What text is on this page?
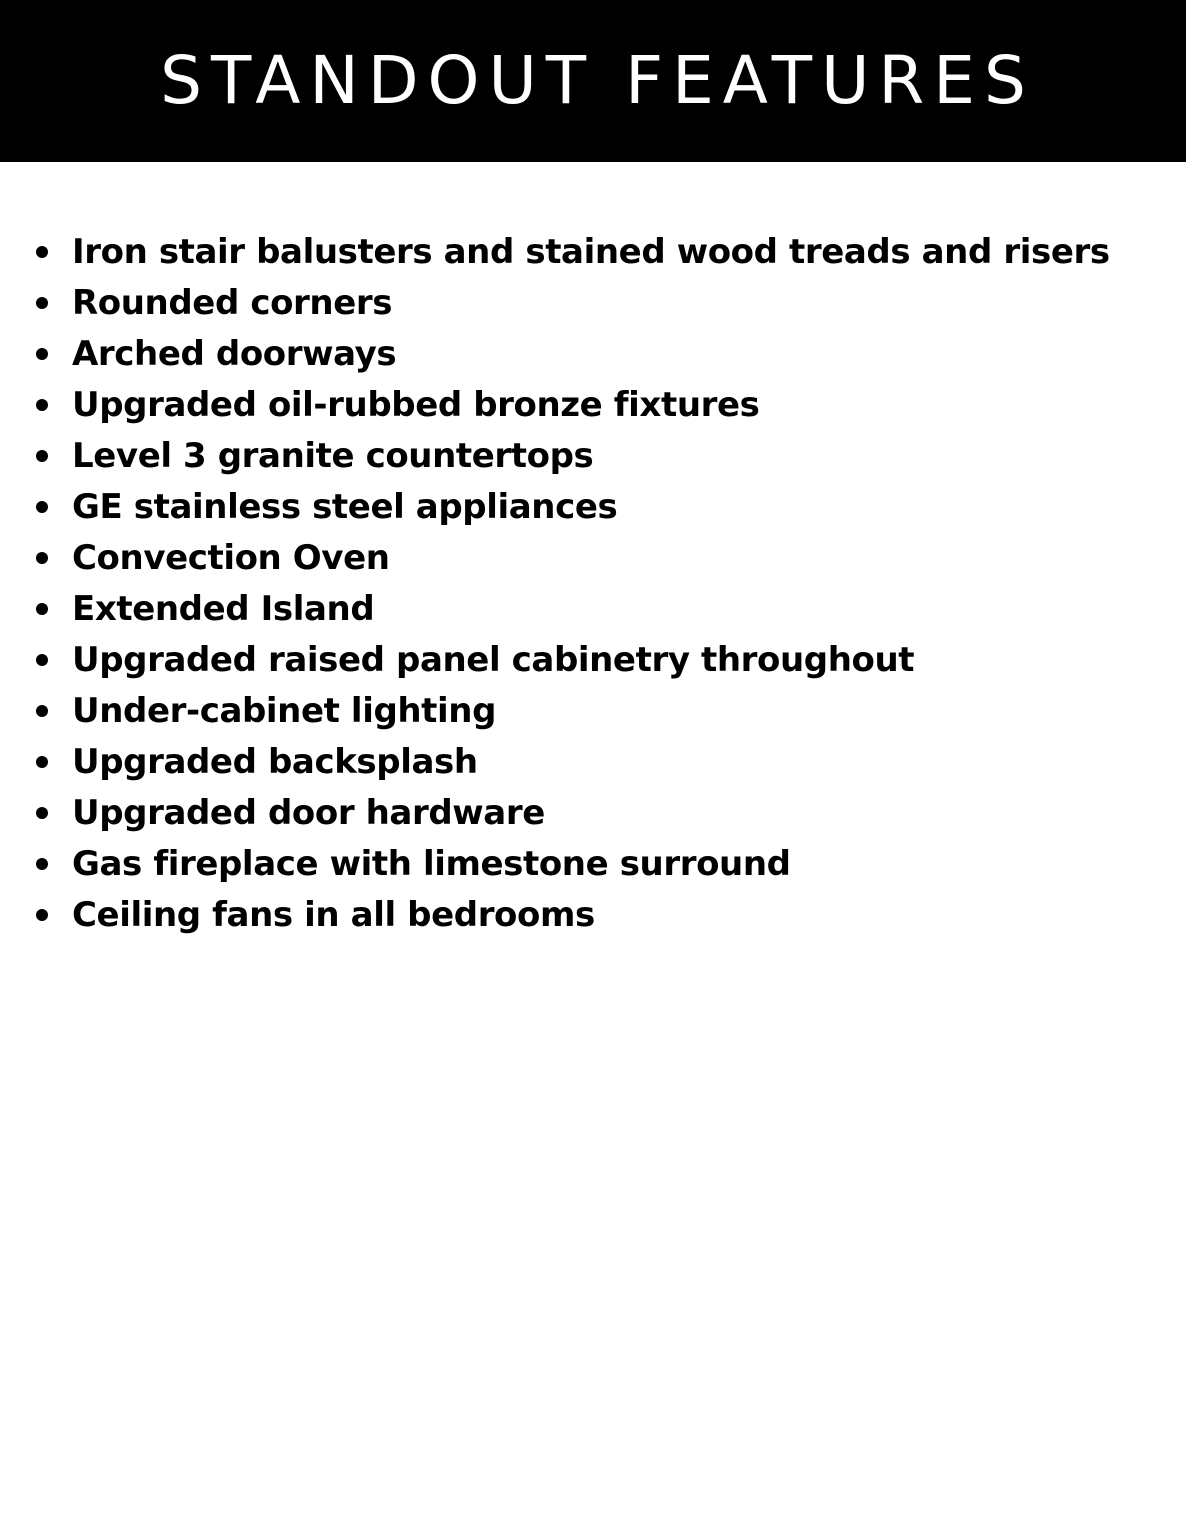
STANDOUT FEATURES
Iron stair balusters and stained wood treads and risers
Rounded corners
Arched doorways
Upgraded oil-rubbed bronze fixtures
Level 3 granite countertops
GE stainless steel appliances
Convection Oven
Extended Island
Upgraded raised panel cabinetry throughout
Under-cabinet lighting
Upgraded backsplash
Upgraded door hardware
Gas fireplace with limestone surround
Ceiling fans in all bedrooms
